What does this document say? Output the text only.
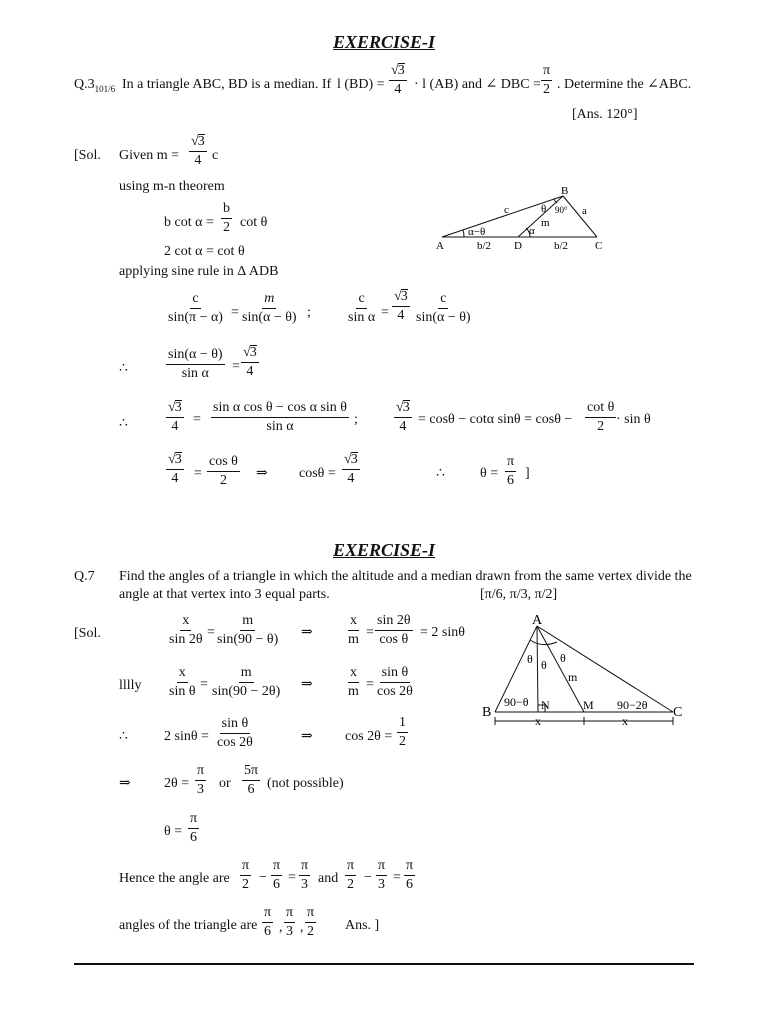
EXERCISE-I
$Q.3_{101/6}$ In a triangle ABC, BD is a median. If l $(BD) = \frac{√3}{4} \cdot l$ (AB) and ∠ DBC = $\frac{\pi}{2}$ . Determine the ∠ABC.
[Ans. 120°]
[Sol. Given $m = \frac{√3}{4}$ c
using m-n theorem
b $\cot \alpha = \frac{b}{2}$ cot θ
2 cot α = cot θ
applying sine rule in Δ ADB
$\frac{c}{\sin(\pi - \alpha)} = \frac{m}{\sin(\alpha - \theta)}$ ;	$\frac{c}{\text{sin α}} = \frac{√3}{4} \frac{c}{\sin(\alpha - \theta)}$
∴	$\frac{\sin(\alpha - \theta)}{\text{sin α}} = \frac{√3}{4}$
∴	$\frac{√3}{4} = \frac{\text{sin α cos θ − cos α sin θ}}{\text{sin α}}$ ;	$\frac{√3}{4} = \cos\theta - \cot\alpha$ $\sin\theta = \cos\theta - \frac{\text{cot θ}}{2} \cdot \sin \theta$
$\frac{√3}{4} = \frac{\text{cos θ}}{2}$ ⇒ $\cos\theta = \frac{√3}{4}$	∴	$\theta = \frac{\pi}{6}$ ]
B
A	D	C
c	a
m
θ 90°
α
α−θ
b/2	b/2
EXERCISE-I
Q.7 Find the angles of a triangle in which the altitude and a median drawn from the same vertex divide the
angle at that vertex into 3 equal parts.	[π/6, π/3, π/2]
[Sol.	$\frac{x}{\sin 2\theta} = \frac{m}{\sin(90 - \theta)}$ ⇒ $\frac{x}{m} = \frac{\sin 2\theta}{\text{cos θ}} = 2$ sinθ
lllly $\frac{x}{\text{sin θ}} = \frac{m}{\sin(90 - 2\theta)}$ ⇒ $\frac{x}{m} = \frac{\text{sin θ}}{\cos 2\theta}$
∴	2 $\sin\theta = \frac{\text{sin θ}}{\cos 2\theta}$	⇒ $\cos 2\theta = \frac{1}{2}$
⇒ $2\theta = \frac{\pi}{3}$ or $\frac{5\pi}{6} (not$ possible)
$\theta = \frac{\pi}{6}$
Hence the angle are $\frac{\pi}{2} - \frac{\pi}{6} = \frac{\pi}{3}$ and $\frac{\pi}{2} - \frac{\pi}{3} = \frac{\pi}{6}$
angles of the triangle are $\frac{\pi}{6}$ , $\frac{\pi}{3}$ , $\frac{\pi}{2}$ Ans. ]
A
B	N	M	C
m
θ θ θ
90−θ	90−2θ
x	x
